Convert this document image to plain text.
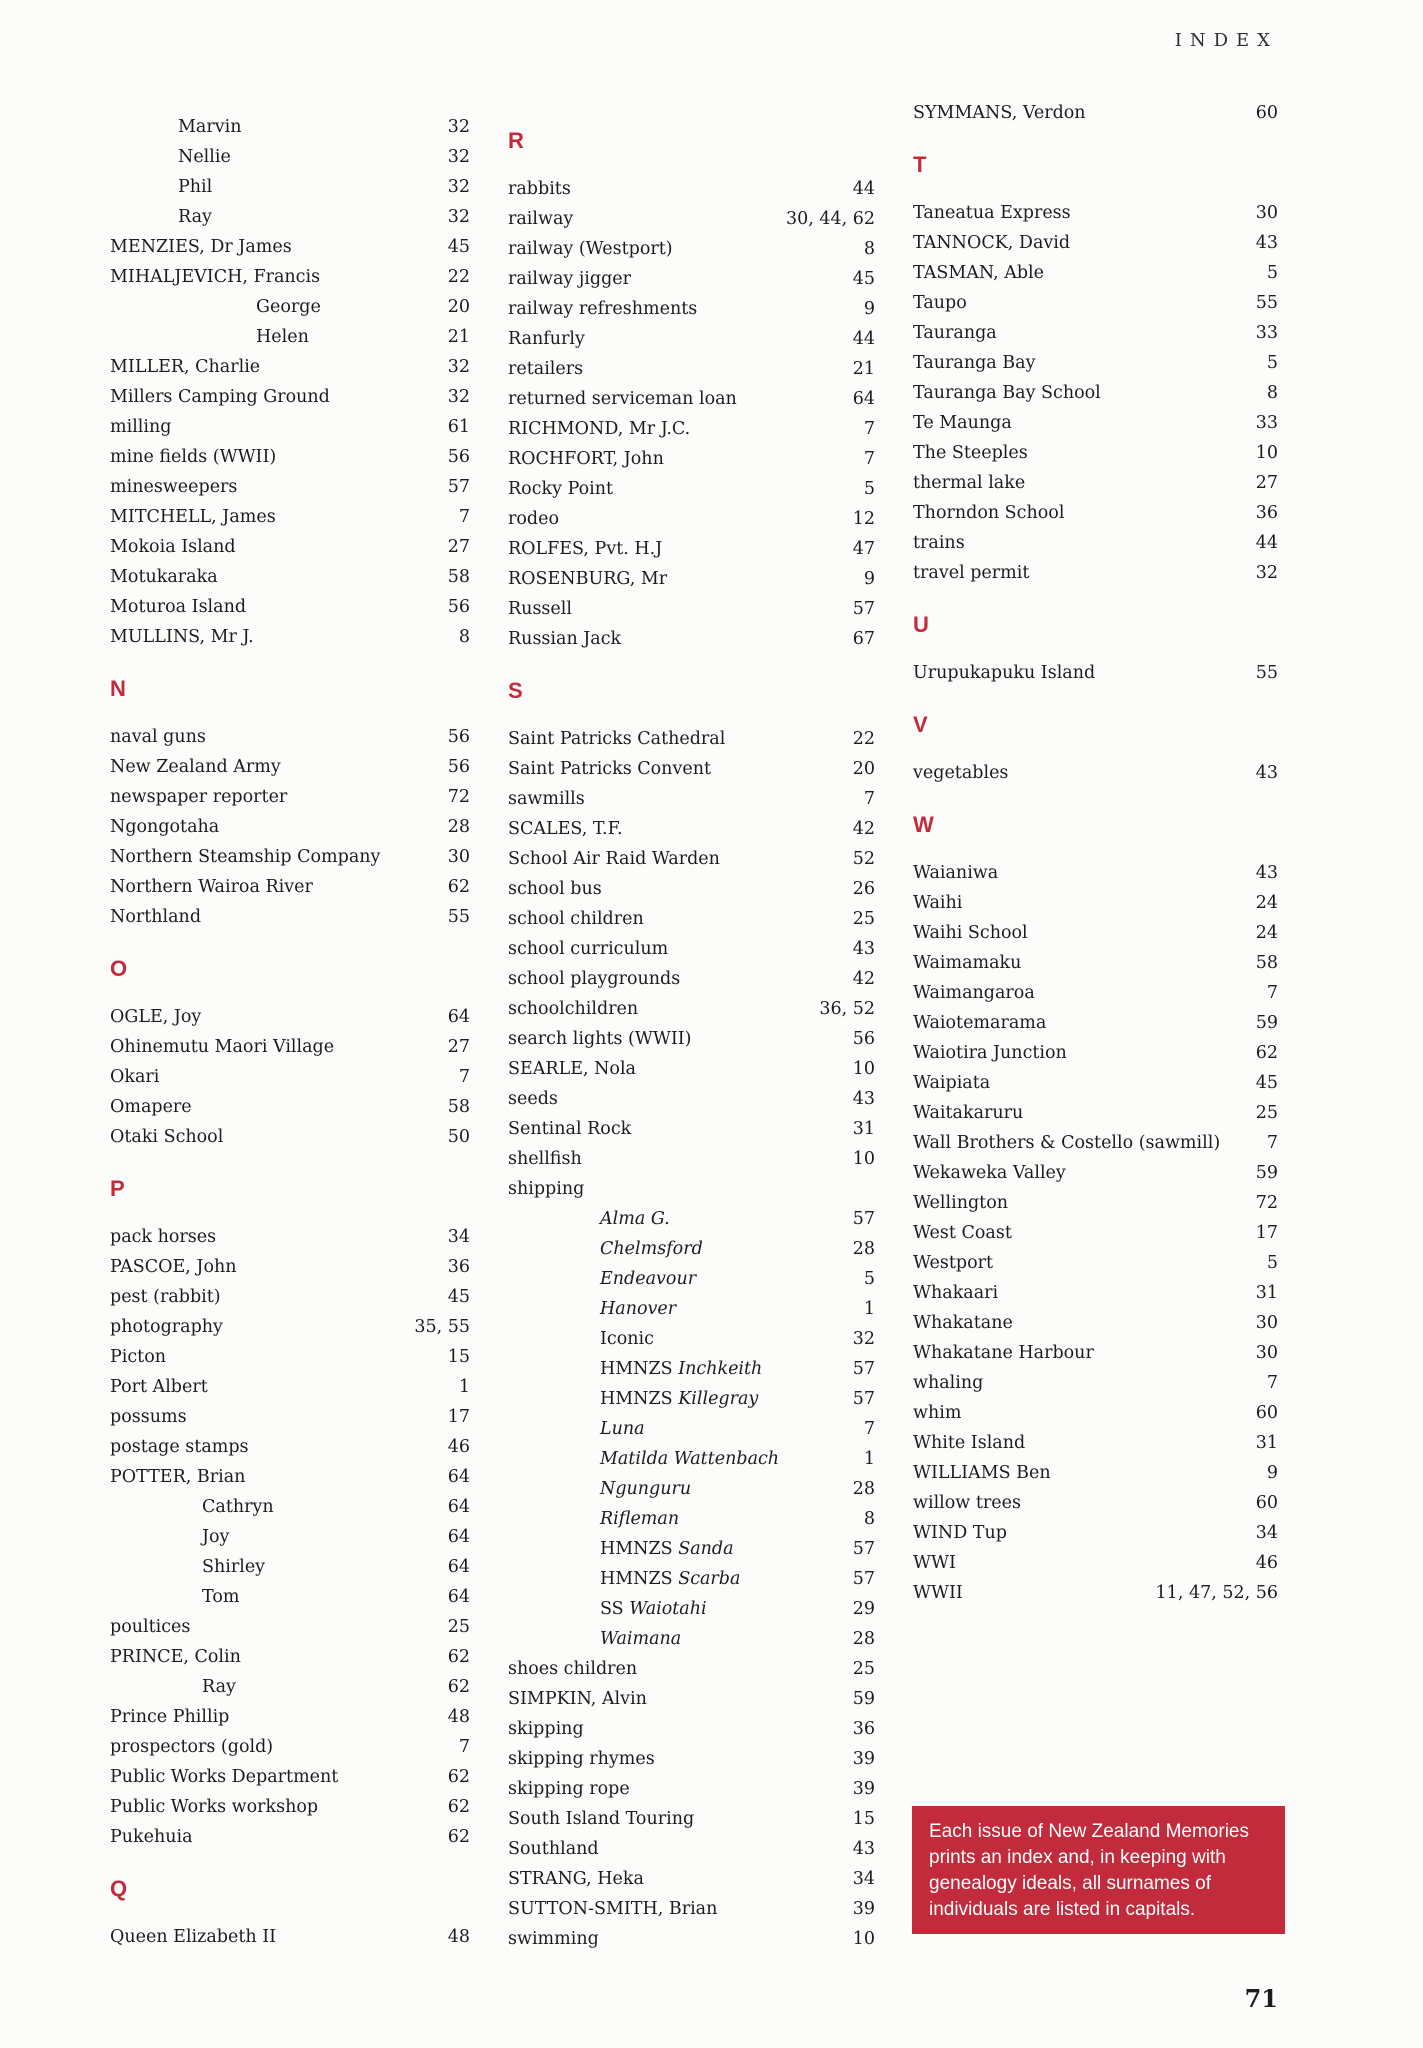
INDEX
Marvin	32
Nellie	32
Phil	32
Ray	32
MENZIES, Dr James	45
MIHALJEVICH, Francis	22
George	20
Helen	21
MILLER, Charlie	32
Millers Camping Ground	32
milling	61
mine fields (WWII)	56
minesweepers	57
MITCHELL, James	7
Mokoia Island	27
Motukaraka	58
Moturoa Island	56
MULLINS, Mr J.	8
N
naval guns	56
New Zealand Army	56
newspaper reporter	72
Ngongotaha	28
Northern Steamship Company	30
Northern Wairoa River	62
Northland	55
O
OGLE, Joy	64
Ohinemutu Maori Village	27
Okari	7
Omapere	58
Otaki School	50
P
pack horses	34
PASCOE, John	36
pest (rabbit)	45
photography	35, 55
Picton	15
Port Albert	1
possums	17
postage stamps	46
POTTER, Brian	64
Cathryn	64
Joy	64
Shirley	64
Tom	64
poultices	25
PRINCE, Colin	62
Ray	62
Prince Phillip	48
prospectors (gold)	7
Public Works Department	62
Public Works workshop	62
Pukehuia	62
Q
Queen Elizabeth II	48
R
rabbits	44
railway	30, 44, 62
railway (Westport)	8
railway jigger	45
railway refreshments	9
Ranfurly	44
retailers	21
returned serviceman loan	64
RICHMOND, Mr J.C.	7
ROCHFORT, John	7
Rocky Point	5
rodeo	12
ROLFES, Pvt. H.J	47
ROSENBURG, Mr	9
Russell	57
Russian Jack	67
S
Saint Patricks Cathedral	22
Saint Patricks Convent	20
sawmills	7
SCALES, T.F.	42
School Air Raid Warden	52
school bus	26
school children	25
school curriculum	43
school playgrounds	42
schoolchildren	36, 52
search lights (WWII)	56
SEARLE, Nola	10
seeds	43
Sentinal Rock	31
shellfish	10
shipping
Alma G.	57
Chelmsford	28
Endeavour	5
Hanover	1
Iconic	32
HMNZS Inchkeith	57
HMNZS Killegray	57
Luna	7
Matilda Wattenbach	1
Ngunguru	28
Rifleman	8
HMNZS Sanda	57
HMNZS Scarba	57
SS Waiotahi	29
Waimana	28
shoes children	25
SIMPKIN, Alvin	59
skipping	36
skipping rhymes	39
skipping rope	39
South Island Touring	15
Southland	43
STRANG, Heka	34
SUTTON-SMITH, Brian	39
swimming	10
SYMMANS, Verdon	60
T
Taneatua Express	30
TANNOCK, David	43
TASMAN, Able	5
Taupo	55
Tauranga	33
Tauranga Bay	5
Tauranga Bay School	8
Te Maunga	33
The Steeples	10
thermal lake	27
Thorndon School	36
trains	44
travel permit	32
U
Urupukapuku Island	55
V
vegetables	43
W
Waianiwa	43
Waihi	24
Waihi School	24
Waimamaku	58
Waimangaroa	7
Waiotemarama	59
Waiotira Junction	62
Waipiata	45
Waitakaruru	25
Wall Brothers & Costello (sawmill)	7
Wekaweka Valley	59
Wellington	72
West Coast	17
Westport	5
Whakaari	31
Whakatane	30
Whakatane Harbour	30
whaling	7
whim	60
White Island	31
WILLIAMS Ben	9
willow trees	60
WIND Tup	34
WWI	46
WWII	11, 47, 52, 56
Each issue of New Zealand Memories prints an index and, in keeping with genealogy ideals, all surnames of individuals are listed in capitals.
71
